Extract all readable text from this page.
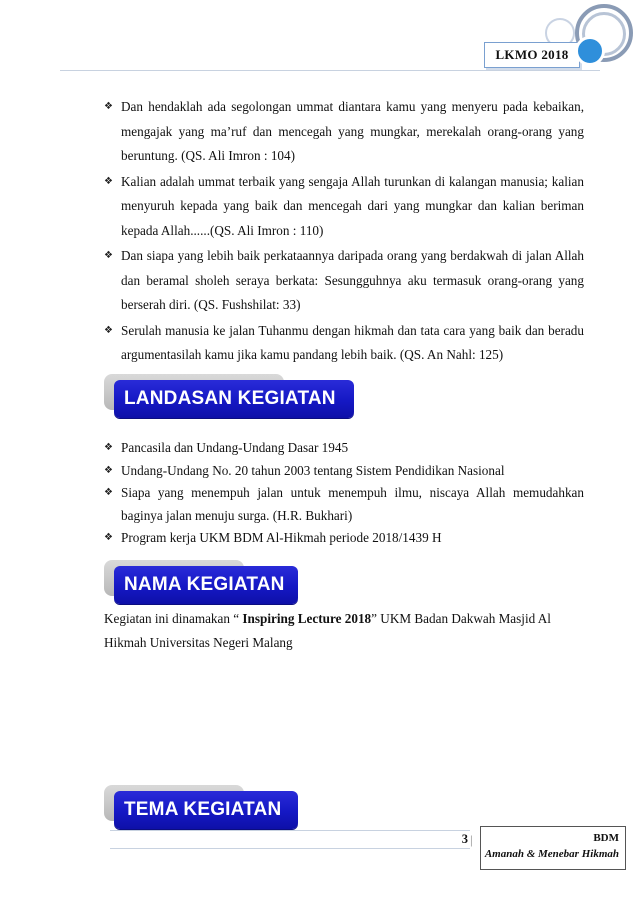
LKMO 2018
❖ Dan hendaklah ada segolongan ummat diantara kamu yang menyeru pada kebaikan, mengajak yang ma’ruf dan mencegah yang mungkar, merekalah orang-orang yang beruntung. (QS. Ali Imron : 104)
❖ Kalian adalah ummat terbaik yang sengaja Allah turunkan di kalangan manusia; kalian menyuruh kepada yang baik dan mencegah dari yang mungkar dan kalian beriman kepada Allah......(QS. Ali Imron : 110)
❖ Dan siapa yang lebih baik perkataannya daripada orang yang berdakwah di jalan Allah dan beramal sholeh seraya berkata: Sesungguhnya aku termasuk orang-orang yang berserah diri. (QS. Fushshilat: 33)
❖ Serulah manusia ke jalan Tuhanmu dengan hikmah dan tata cara yang baik dan beradu argumentasilah kamu jika kamu pandang lebih baik. (QS. An Nahl: 125)
LANDASAN KEGIATAN
❖ Pancasila dan Undang-Undang Dasar 1945
❖ Undang-Undang No. 20 tahun 2003 tentang Sistem Pendidikan Nasional
❖ Siapa yang menempuh jalan untuk menempuh ilmu, niscaya Allah memudahkan baginya jalan menuju surga. (H.R. Bukhari)
❖ Program kerja UKM BDM Al-Hikmah periode 2018/1439 H
NAMA KEGIATAN

Kegiatan ini dinamakan “ Inspiring Lecture 2018” UKM Badan Dakwah Masjid Al Hikmah Universitas Negeri Malang

TEMA KEGIATAN
3 |	BDM
Amanah & Menebar Hikmah
